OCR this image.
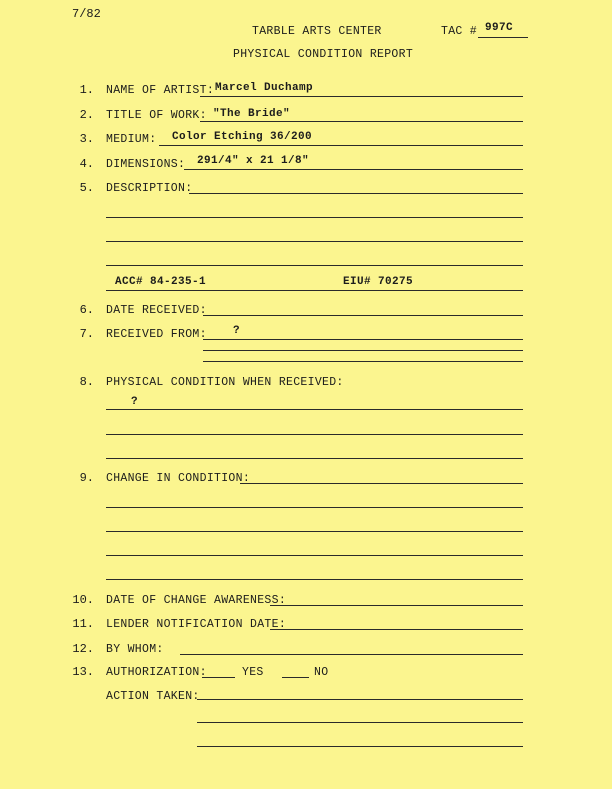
7/82
TARBLE ARTS CENTER	TAC # 997C
PHYSICAL CONDITION REPORT
1. NAME OF ARTIST: Marcel Duchamp
2. TITLE OF WORK: "The Bride"
3. MEDIUM: Color Etching 36/200
4. DIMENSIONS: 291/4" x 21 1/8"
5. DESCRIPTION:
ACC# 84-235-1	EIU# 70275
6. DATE RECEIVED:
7. RECEIVED FROM: ?
8. PHYSICAL CONDITION WHEN RECEIVED:
?
9. CHANGE IN CONDITION:
10. DATE OF CHANGE AWARENESS:
11. LENDER NOTIFICATION DATE:
12. BY WHOM:
13. AUTHORIZATION:	YES	NO
ACTION TAKEN:
